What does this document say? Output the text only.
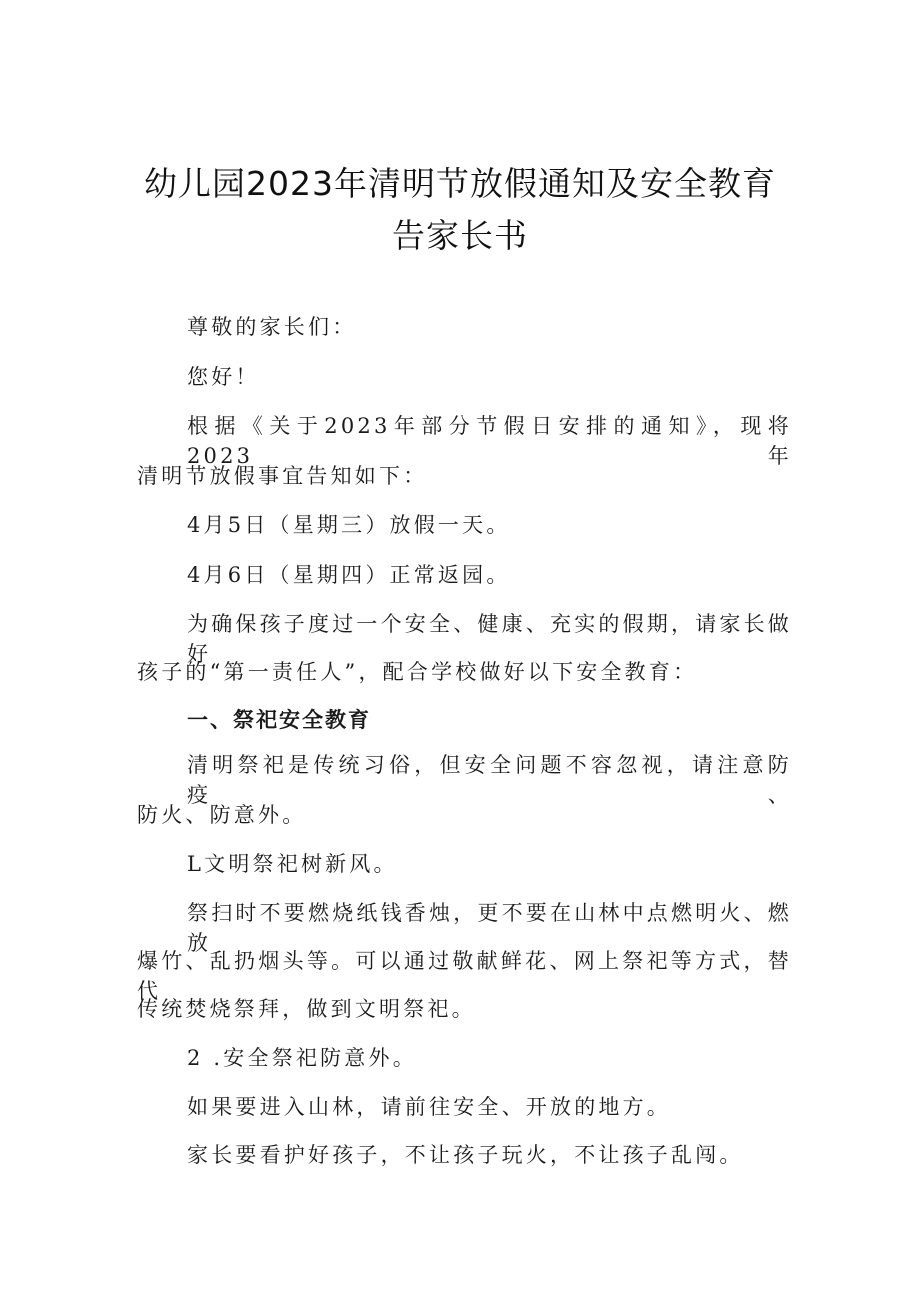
幼儿园2023年清明节放假通知及安全教育
告家长书

尊敬的家长们：

您好！

根据《关于2023年部分节假日安排的通知》，现将2023年

清明节放假事宜告知如下：

4月5日（星期三）放假一天。

4月6日（星期四）正常返园。

为确保孩子度过一个安全、健康、充实的假期，请家长做好

孩子的“第一责任人”，配合学校做好以下安全教育：

一、祭祀安全教育

清明祭祀是传统习俗，但安全问题不容忽视，请注意防疫、

防火、防意外。

L文明祭祀树新风。

祭扫时不要燃烧纸钱香烛，更不要在山林中点燃明火、燃放

爆竹、乱扔烟头等。可以通过敬献鲜花、网上祭祀等方式，替代

传统焚烧祭拜，做到文明祭祀。

2 .安全祭祀防意外。

如果要进入山林，请前往安全、开放的地方。

家长要看护好孩子，不让孩子玩火，不让孩子乱闯。
